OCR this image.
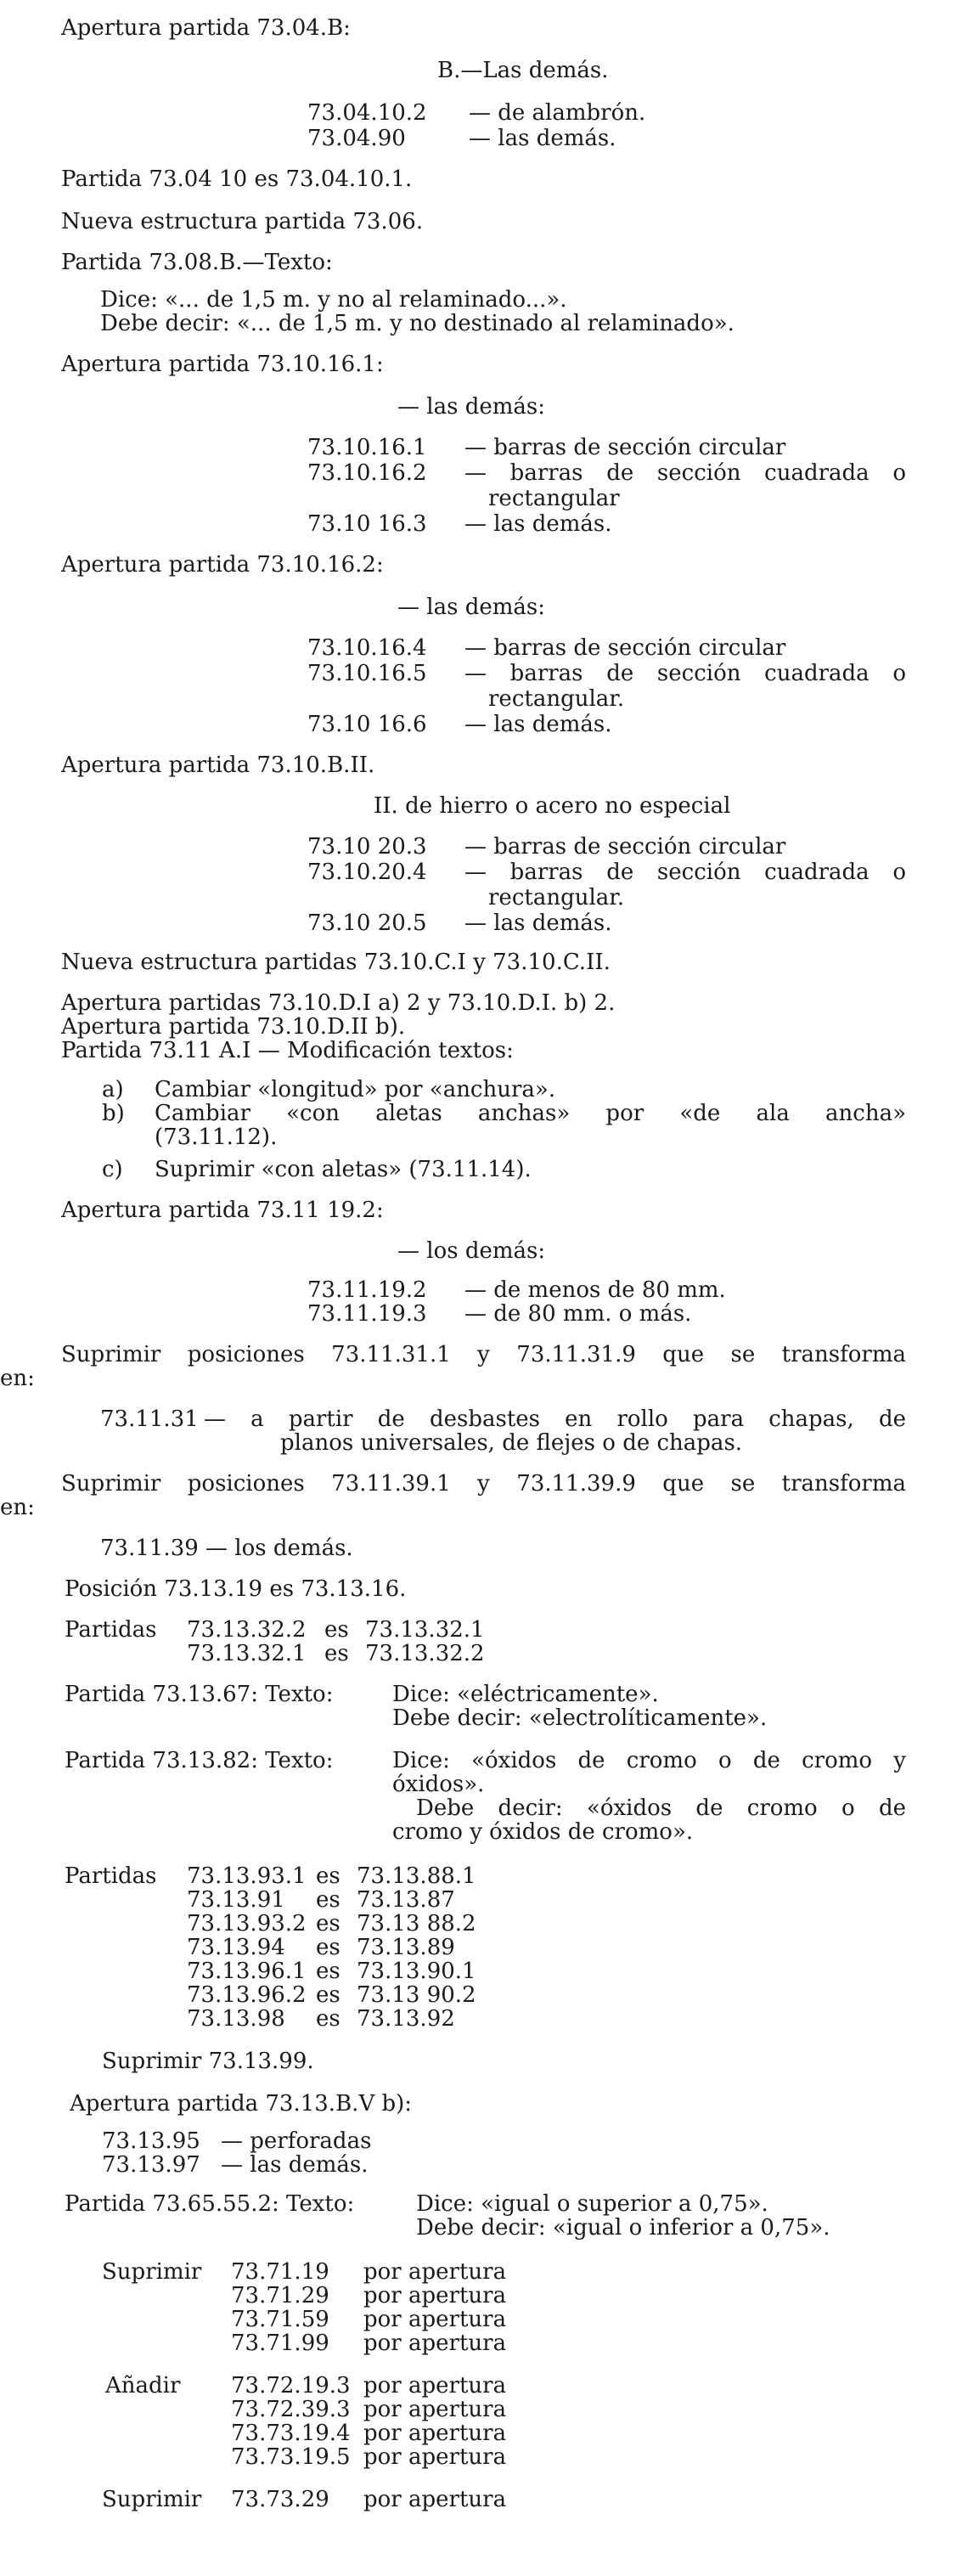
Apertura partida 73.04.B:
B.—Las demás.
73.04.10.2 — de alambrón.
73.04.90	— las demás.
Partida 73.04 10 es 73.04.10.1.
Nueva estructura partida 73.06.
Partida 73.08.B.—Texto:
Dice: «... de 1,5 m. y no al relaminado...».
Debe decir: «... de 1,5 m. y no destinado al relaminado».
Apertura partida 73.10.16.1:
— las demás:
73.10.16.1 — barras de sección circular
73.10.16.2 — barras de sección cuadrada o
rectangular
73.10 16.3 — las demás.
Apertura partida 73.10.16.2:
— las demás:
73.10.16.4 — barras de sección circular
73.10.16.5 — barras de sección cuadrada o
rectangular.
73.10 16.6 — las demás.
Apertura partida 73.10.B.II.
II. de hierro o acero no especial
73.10 20.3 — barras de sección circular
73.10.20.4 — barras de sección cuadrada o
rectangular.
73.10 20.5 — las demás.
Nueva estructura partidas 73.10.C.I y 73.10.C.II.
Apertura partidas 73.10.D.I a) 2 y 73.10.D.I. b) 2.
Apertura partida 73.10.D.II b).
Partida 73.11 A.I — Modificación textos:
a) Cambiar «longitud» por «anchura».
b) Cambiar «con aletas anchas» por «de ala ancha»
(73.11.12).
c) Suprimir «con aletas» (73.11.14).
Apertura partida 73.11 19.2:
— los demás:
73.11.19.2 — de menos de 80 mm.
73.11.19.3 — de 80 mm. o más.
Suprimir posiciones 73.11.31.1 y 73.11.31.9 que se transforma
en:
73.11.31 — a partir de desbastes en rollo para chapas, de
planos universales, de flejes o de chapas.
Suprimir posiciones 73.11.39.1 y 73.11.39.9 que se transforma
en:
73.11.39 — los demás.
Posición 73.13.19 es 73.13.16.
Partidas 73.13.32.2 es 73.13.32.1
73.13.32.1 es 73.13.32.2
Partida 73.13.67: Texto:	Dice: «eléctricamente».
Debe decir: «electrolíticamente».
Partida 73.13.82: Texto:	Dice: «óxidos de cromo o de cromo y
óxidos».
Debe decir: «óxidos de cromo o de
cromo y óxidos de cromo».
Partidas 73.13.93.1 es 73.13.88.1
73.13.91 es 73.13.87
73.13.93.2 es 73.13 88.2
73.13.94 es 73.13.89
73.13.96.1 es 73.13.90.1
73.13.96.2 es 73.13 90.2
73.13.98 es 73.13.92
Suprimir 73.13.99.
Apertura partida 73.13.B.V b):
73.13.95 — perforadas
73.13.97 — las demás.
Partida 73.65.55.2: Texto:	Dice: «igual o superior a 0,75».
Debe decir: «igual o inferior a 0,75».
Suprimir 73.71.19 por apertura
73.71.29 por apertura
73.71.59 por apertura
73.71.99 por apertura
Añadir 73.72.19.3 por apertura
73.72.39.3 por apertura
73.73.19.4 por apertura
73.73.19.5 por apertura
Suprimir 73.73.29 por apertura
